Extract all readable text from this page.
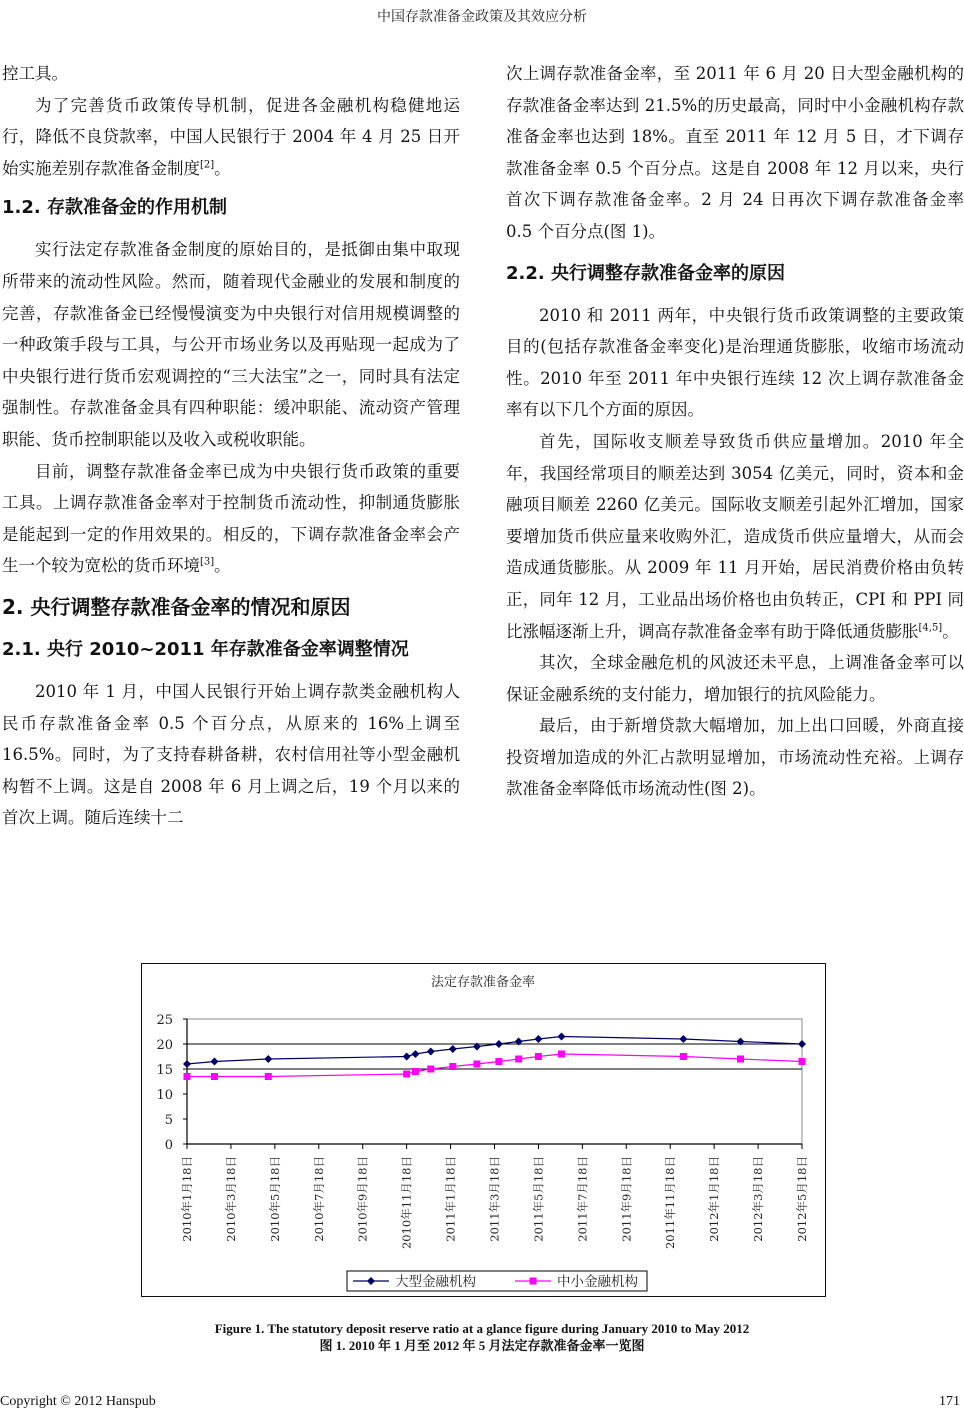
中国存款准备金政策及其效应分析

控工具。

为了完善货币政策传导机制，促进各金融机构稳健地运行，降低不良贷款率，中国人民银行于 2004 年 4 月 25 日开始实施差别存款准备金制度[2]。

1.2. 存款准备金的作用机制

实行法定存款准备金制度的原始目的，是抵御由集中取现所带来的流动性风险。然而，随着现代金融业的发展和制度的完善，存款准备金已经慢慢演变为中央银行对信用规模调整的一种政策手段与工具，与公开市场业务以及再贴现一起成为了中央银行进行货币宏观调控的“三大法宝”之一，同时具有法定强制性。存款准备金具有四种职能：缓冲职能、流动资产管理职能、货币控制职能以及收入或税收职能。

目前，调整存款准备金率已成为中央银行货币政策的重要工具。上调存款准备金率对于控制货币流动性，抑制通货膨胀是能起到一定的作用效果的。相反的，下调存款准备金率会产生一个较为宽松的货币环境[3]。

2. 央行调整存款准备金率的情况和原因
2.1. 央行 2010~2011 年存款准备金率调整情况

2010 年 1 月，中国人民银行开始上调存款类金融机构人民币存款准备金率 0.5 个百分点，从原来的 16%上调至 16.5%。同时，为了支持春耕备耕，农村信用社等小型金融机构暂不上调。这是自 2008 年 6 月上调之后，19 个月以来的首次上调。随后连续十二

次上调存款准备金率，至 2011 年 6 月 20 日大型金融机构的存款准备金率达到 21.5%的历史最高，同时中小金融机构存款准备金率也达到 18%。直至 2011 年 12 月 5 日，才下调存款准备金率 0.5 个百分点。这是自 2008 年 12 月以来，央行首次下调存款准备金率。2 月 24 日再次下调存款准备金率 0.5 个百分点(图 1)。

2.2. 央行调整存款准备金率的原因

2010 和 2011 两年，中央银行货币政策调整的主要政策目的(包括存款准备金率变化)是治理通货膨胀，收缩市场流动性。2010 年至 2011 年中央银行连续 12 次上调存款准备金率有以下几个方面的原因。

首先，国际收支顺差导致货币供应量增加。2010 年全年，我国经常项目的顺差达到 3054 亿美元，同时，资本和金融项目顺差 2260 亿美元。国际收支顺差引起外汇增加，国家要增加货币供应量来收购外汇，造成货币供应量增大，从而会造成通货膨胀。从 2009 年 11 月开始，居民消费价格由负转正，同年 12 月，工业品出场价格也由负转正，CPI 和 PPI 同比涨幅逐渐上升，调高存款准备金率有助于降低通货膨胀[4,5]。

其次，全球金融危机的风波还未平息，上调准备金率可以保证金融系统的支付能力，增加银行的抗风险能力。

最后，由于新增贷款大幅增加，加上出口回暖，外商直接投资增加造成的外汇占款明显增加，市场流动性充裕。上调存款准备金率降低市场流动性(图 2)。

法定存款准备金率
0
5
10
15
20
25
2010年1月18日	2010年3月18日	2010年5月18日	2010年7月18日	2010年9月18日	2010年11月18日	2011年1月18日	2011年3月18日	2011年5月18日	2011年7月18日	2011年9月18日	2011年11月18日	2012年1月18日	2012年3月18日	2012年5月18日
大型金融机构	中小金融机构
Figure 1. The statutory deposit reserve ratio at a glance figure during January 2010 to May 2012
图 1. 2010 年 1 月至 2012 年 5 月法定存款准备金率一览图
Copyright © 2012 Hanspub	171
